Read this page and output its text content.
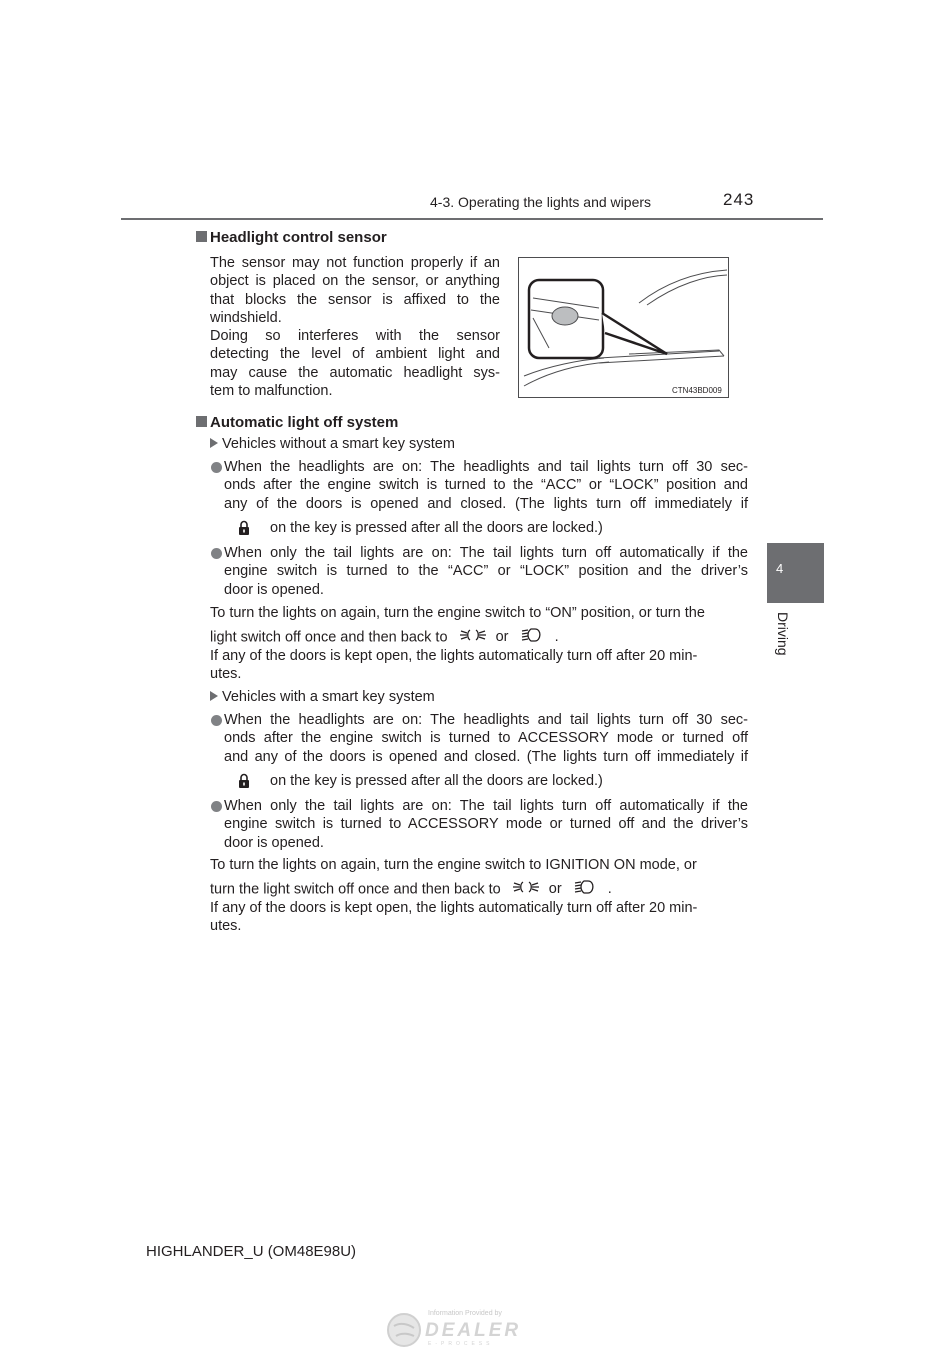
4-3. Operating the lights and wipers	243
4
Driving
Headlight control sensor
The sensor may not function properly if an
object is placed on the sensor, or anything
that blocks the sensor is affixed to the
windshield.
Doing so interferes with the sensor
detecting the level of ambient light and
may cause the automatic headlight sys-
tem to malfunction.	CTN43BD009
Automatic light off system
Vehicles without a smart key system
When the headlights are on: The headlights and tail lights turn off 30 sec-
onds after the engine switch is turned to the “ACC” or “LOCK” position and
any of the doors is opened and closed. (The lights turn off immediately if
on the key is pressed after all the doors are locked.)
When only the tail lights are on: The tail lights turn off automatically if the
engine switch is turned to the “ACC” or “LOCK” position and the driver’s
door is opened.
To turn the lights on again, turn the engine switch to “ON” position, or turn the
light switch off once and then back to	or	.
If any of the doors is kept open, the lights automatically turn off after 20 min-
utes.
Vehicles with a smart key system
When the headlights are on: The headlights and tail lights turn off 30 sec-
onds after the engine switch is turned to ACCESSORY mode or turned off
and any of the doors is opened and closed. (The lights turn off immediately if
on the key is pressed after all the doors are locked.)
When only the tail lights are on: The tail lights turn off automatically if the
engine switch is turned to ACCESSORY mode or turned off and the driver’s
door is opened.
To turn the lights on again, turn the engine switch to IGNITION ON mode, or
turn the light switch off once and then back to	or	.
If any of the doors is kept open, the lights automatically turn off after 20 min-
utes.
HIGHLANDER_U (OM48E98U)
Information Provided by
DEALER
E-PROCESS
